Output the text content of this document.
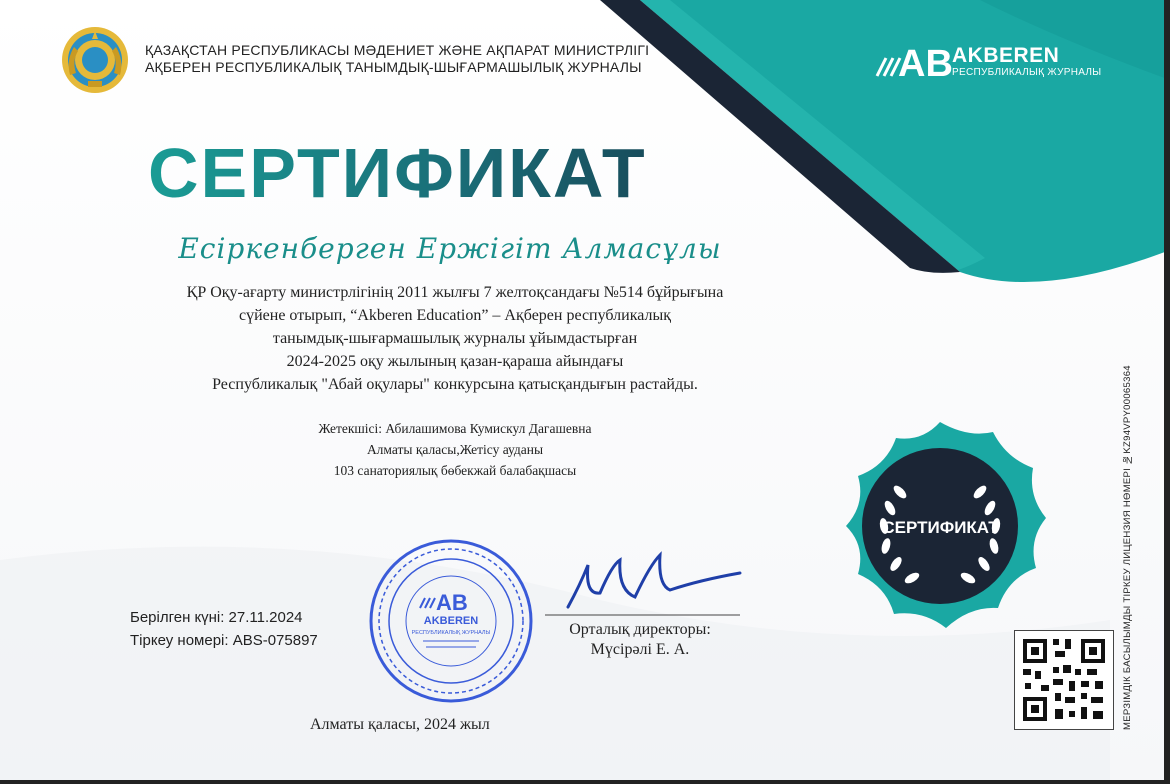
ҚАЗАҚСТАН РЕСПУБЛИКАСЫ МӘДЕНИЕТ ЖӘНЕ АҚПАРАТ МИНИСТРЛІГІ
АҚБЕРЕН РЕСПУБЛИКАЛЫҚ ТАНЫМДЫҚ-ШЫҒАРМАШЫЛЫҚ ЖУРНАЛЫ	AB AKBEREN
РЕСПУБЛИКАЛЫҚ ЖУРНАЛЫ
СЕРТИФИКАТ
Есіркенберген Ержігіт Алмасұлы
ҚР Оқу-ағарту министрлігінің 2011 жылғы 7 желтоқсандағы №514 бұйрығына
сүйене отырып, “Akberen Education” – Ақберен республикалық
танымдық-шығармашылық журналы ұйымдастырған
2024-2025 оқу жылының қазан-қараша айындағы
Республикалық "Абай оқулары" конкурсына қатысқандығын растайды.
Жетекшісі: Абилашимова Кумискул Дагашевна
Алматы қаласы,Жетісу ауданы
103 санаториялық бөбекжай балабақшасы
Берілген күні: 27.11.2024
Тіркеу номері: ABS-075897
AB
AKBEREN
РЕСПУБЛИКАЛЫҚ ЖУРНАЛЫ	Орталық директоры:
Мүсірәлі Е. А.
Алматы қаласы, 2024 жыл
СЕРТИФИКАТ	МЕРЗІМДІК БАСЫЛЫМДЫ ТІРКЕУ ЛИЦЕНЗИЯ НӨМЕРІ №KZ94VPY00065364
